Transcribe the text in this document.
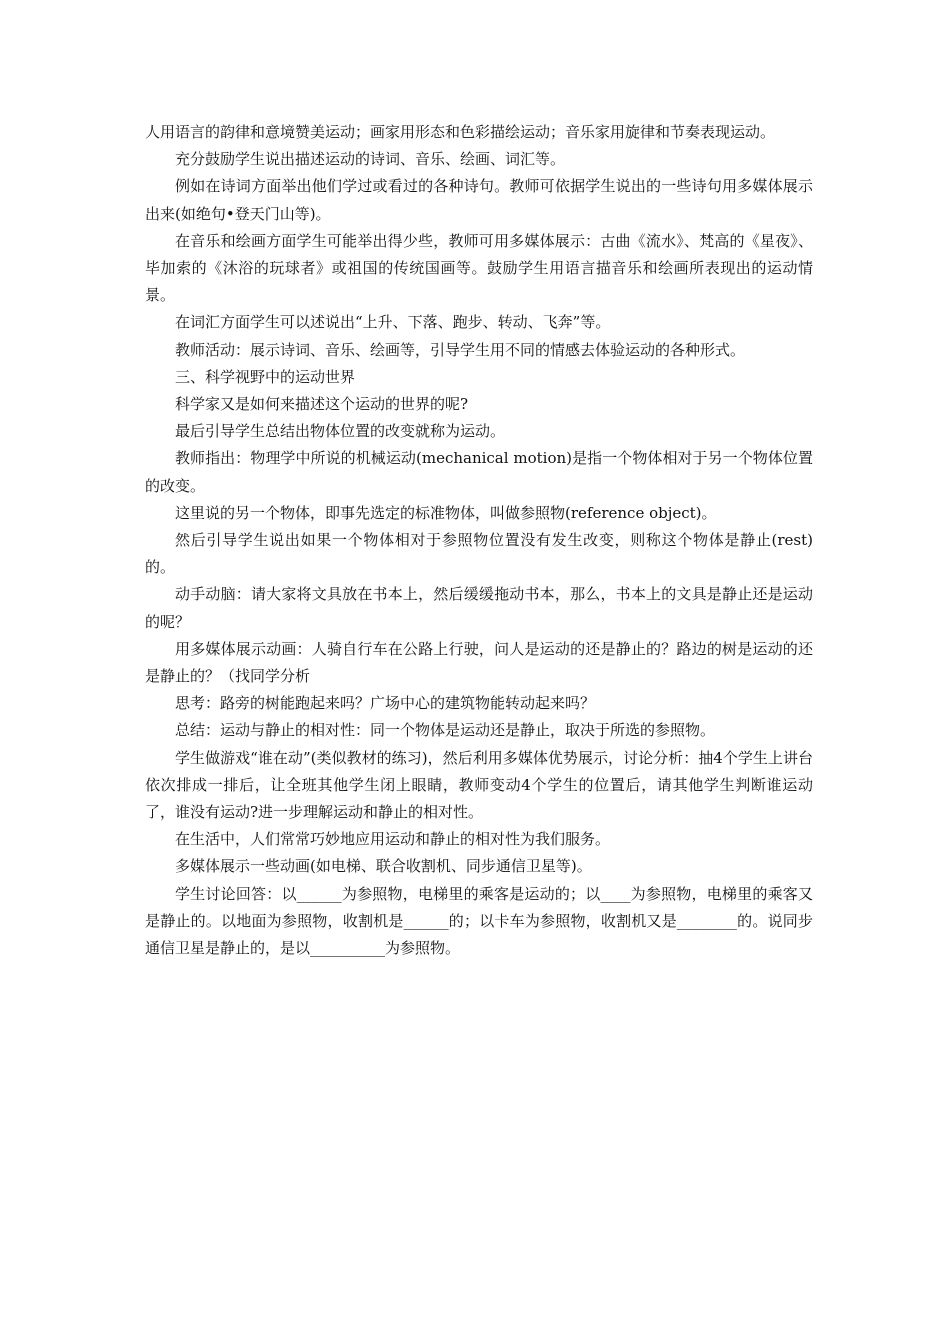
人用语言的韵律和意境赞美运动；画家用形态和色彩描绘运动；音乐家用旋律和节奏表现运动。

充分鼓励学生说出描述运动的诗词、音乐、绘画、词汇等。

例如在诗词方面举出他们学过或看过的各种诗句。教师可依据学生说出的一些诗句用多媒体展示出来(如绝句•登天门山等)。

在音乐和绘画方面学生可能举出得少些，教师可用多媒体展示：古曲《流水》、梵高的《星夜》、毕加索的《沐浴的玩球者》或祖国的传统国画等。鼓励学生用语言描音乐和绘画所表现出的运动情景。

在词汇方面学生可以述说出“上升、下落、跑步、转动、飞奔”等。

教师活动：展示诗词、音乐、绘画等，引导学生用不同的情感去体验运动的各种形式。

三、科学视野中的运动世界

科学家又是如何来描述这个运动的世界的呢?

最后引导学生总结出物体位置的改变就称为运动。

教师指出：物理学中所说的机械运动(mechanical motion)是指一个物体相对于另一个物体位置的改变。

这里说的另一个物体，即事先选定的标准物体，叫做参照物(reference object)。

然后引导学生说出如果一个物体相对于参照物位置没有发生改变，则称这个物体是静止(rest)的。

动手动脑：请大家将文具放在书本上，然后缓缓拖动书本，那么，书本上的文具是静止还是运动的呢？

用多媒体展示动画：人骑自行车在公路上行驶，问人是运动的还是静止的？路边的树是运动的还是静止的？（找同学分析

思考：路旁的树能跑起来吗？广场中心的建筑物能转动起来吗？

总结：运动与静止的相对性：同一个物体是运动还是静止，取决于所选的参照物。

学生做游戏“谁在动”(类似教材的练习)，然后利用多媒体优势展示，讨论分析：抽4个学生上讲台依次排成一排后，让全班其他学生闭上眼睛，教师变动4个学生的位置后，请其他学生判断谁运动了，谁没有运动?进一步理解运动和静止的相对性。

在生活中，人们常常巧妙地应用运动和静止的相对性为我们服务。

多媒体展示一些动画(如电梯、联合收割机、同步通信卫星等)。

学生讨论回答：以______为参照物，电梯里的乘客是运动的；以____为参照物，电梯里的乘客又是静止的。以地面为参照物，收割机是______的；以卡车为参照物，收割机又是________的。说同步通信卫星是静止的，是以__________为参照物。
